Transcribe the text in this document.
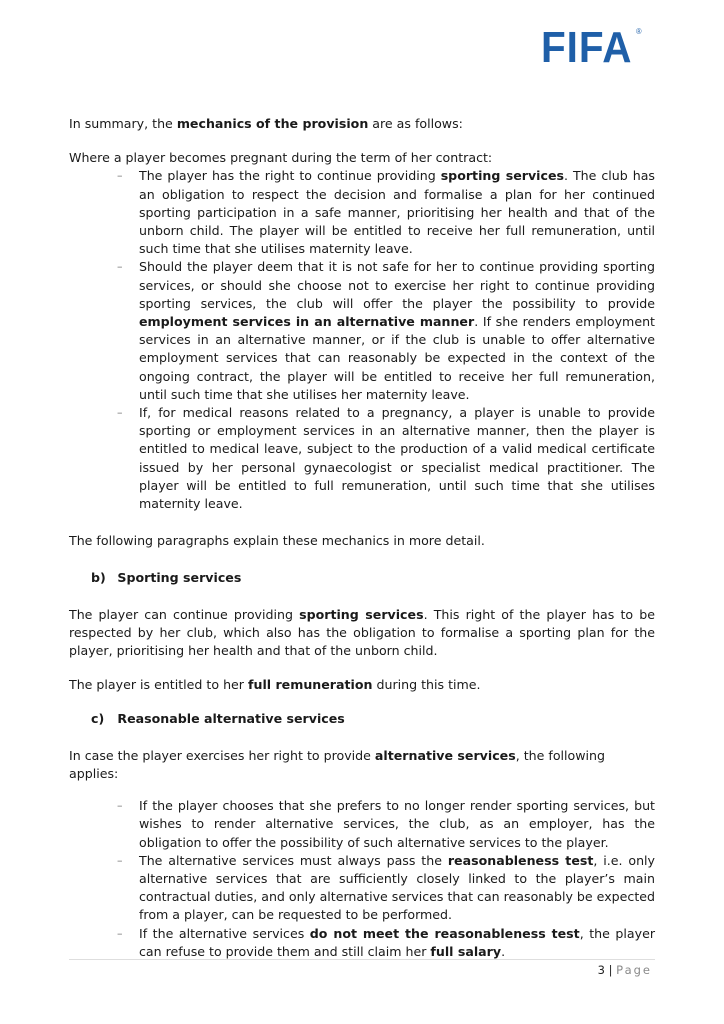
FIFA ®

In summary, the mechanics of the provision are as follows:

Where a player becomes pregnant during the term of her contract:

– The player has the right to continue providing sporting services. The club has an obligation to respect the decision and formalise a plan for her continued sporting participation in a safe manner, prioritising her health and that of the unborn child. The player will be entitled to receive her full remuneration, until such time that she utilises maternity leave.
– Should the player deem that it is not safe for her to continue providing sporting services, or should she choose not to exercise her right to continue providing sporting services, the club will offer the player the possibility to provide employment services in an alternative manner. If she renders employment services in an alternative manner, or if the club is unable to offer alternative employment services that can reasonably be expected in the context of the ongoing contract, the player will be entitled to receive her full remuneration, until such time that she utilises her maternity leave.
– If, for medical reasons related to a pregnancy, a player is unable to provide sporting or employment services in an alternative manner, then the player is entitled to medical leave, subject to the production of a valid medical certificate issued by her personal gynaecologist or specialist medical practitioner. The player will be entitled to full remuneration, until such time that she utilises maternity leave.

The following paragraphs explain these mechanics in more detail.

b) Sporting services

The player can continue providing sporting services. This right of the player has to be respected by her club, which also has the obligation to formalise a sporting plan for the player, prioritising her health and that of the unborn child.

The player is entitled to her full remuneration during this time.

c) Reasonable alternative services

In case the player exercises her right to provide alternative services, the following applies:

– If the player chooses that she prefers to no longer render sporting services, but wishes to render alternative services, the club, as an employer, has the obligation to offer the possibility of such alternative services to the player.
– The alternative services must always pass the reasonableness test, i.e. only alternative services that are sufficiently closely linked to the player’s main contractual duties, and only alternative services that can reasonably be expected from a player, can be requested to be performed.
– If the alternative services do not meet the reasonableness test, the player can refuse to provide them and still claim her full salary.
3 | Page
